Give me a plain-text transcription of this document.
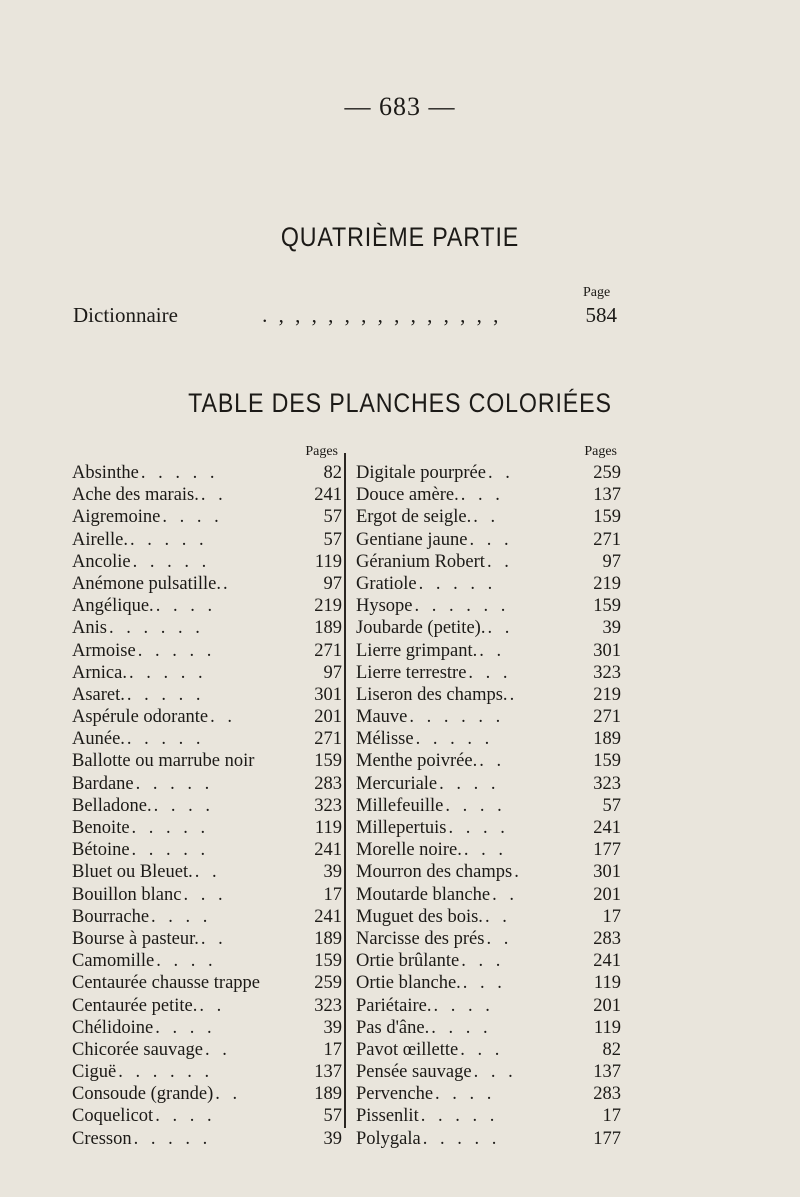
— 683 —
QUATRIÈME PARTIE
Page
Dictionnaire	. , , , , , , , , , , , , , ,	584
TABLE DES PLANCHES COLORIÉES
Pages
Absinthe . . . . .	82
Ache des marais. . .	241
Aigremoine . . . .	57
Airelle. . . . . .	57
Ancolie . . . . .	119
Anémone pulsatille. .	97
Angélique. . . . .	219
Anis . . . . . .	189
Armoise . . . . .	271
Arnica. . . . . .	97
Asaret. . . . . .	301
Aspérule odorante . .	201
Aunée. . . . . .	271
Ballotte ou marrube noir	159
Bardane . . . . .	283
Belladone. . . . .	323
Benoite . . . . .	119
Bétoine . . . . .	241
Bluet ou Bleuet. . .	39
Bouillon blanc . . .	17
Bourrache . . . .	241
Bourse à pasteur. . .	189
Camomille . . . .	159
Centaurée chausse trappe	259
Centaurée petite. . .	323
Chélidoine . . . .	39
Chicorée sauvage . .	17
Ciguë . . . . . .	137
Consoude (grande) . .	189
Coquelicot . . . .	57
Cresson . . . . .	39
Pages
Digitale pourprée . .	259
Douce amère. . . .	137
Ergot de seigle. . .	159
Gentiane jaune . . .	271
Géranium Robert . .	97
Gratiole . . . . .	219
Hysope . . . . . .	159
Joubarde (petite). . .	39
Lierre grimpant. . .	301
Lierre terrestre . . .	323
Liseron des champs. .	219
Mauve . . . . . .	271
Mélisse . . . . .	189
Menthe poivrée. . .	159
Mercuriale . . . .	323
Millefeuille . . . .	57
Millepertuis . . . .	241
Morelle noire. . . .	177
Mourron des champs .	301
Moutarde blanche . .	201
Muguet des bois. . .	17
Narcisse des prés . .	283
Ortie brûlante . . .	241
Ortie blanche. . . .	119
Pariétaire. . . . .	201
Pas d'âne. . . . .	119
Pavot œillette . . .	82
Pensée sauvage . . .	137
Pervenche . . . .	283
Pissenlit . . . . .	17
Polygala . . . . .	177
